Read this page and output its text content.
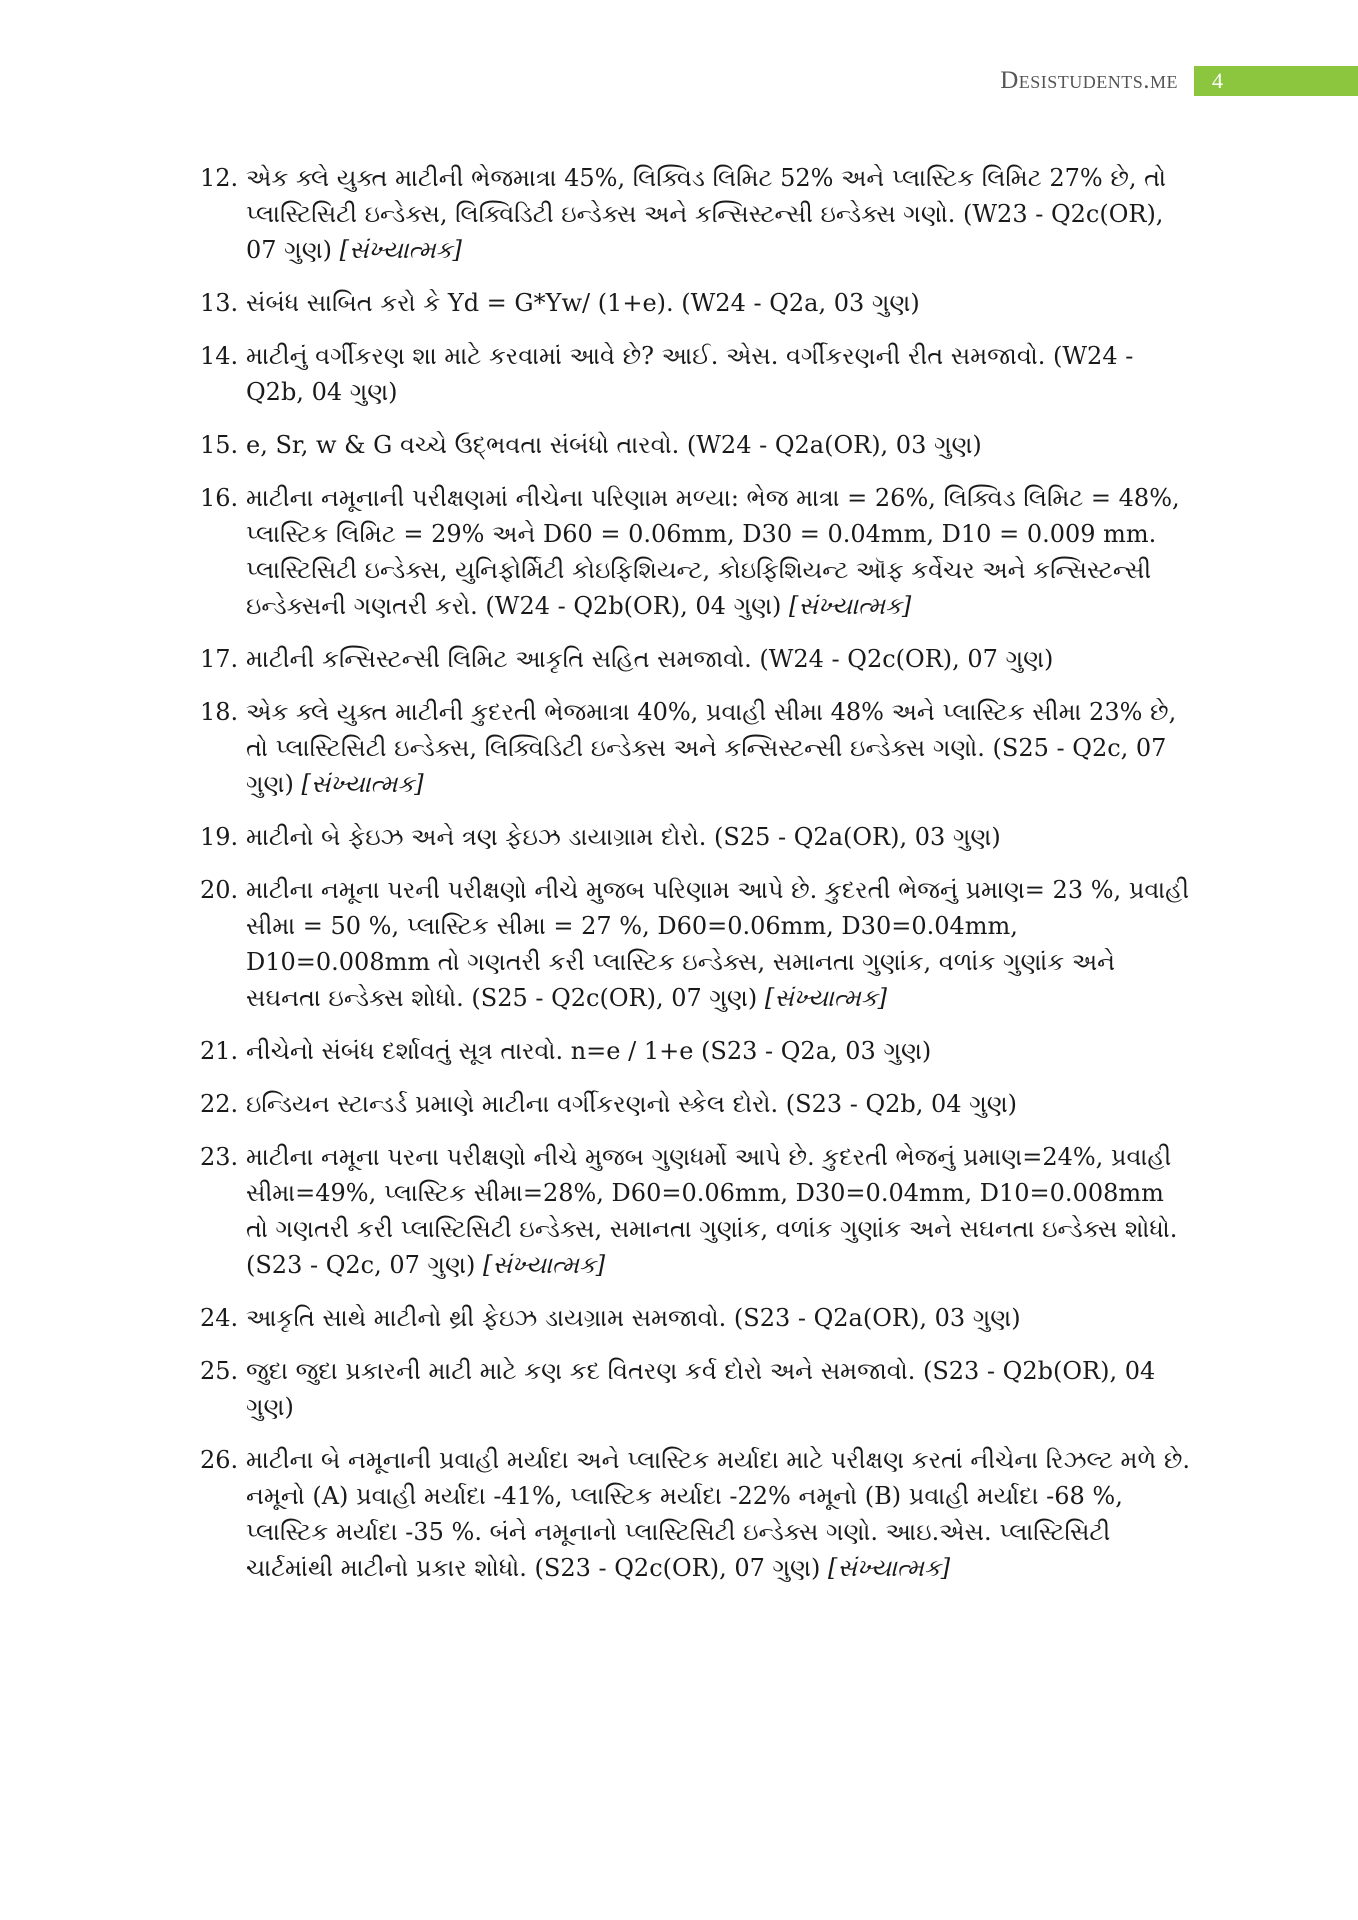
Desistudents.me	4
12. એક ક્લે યુક્ત માટીની ભેજમાત્રા 45%, લિક્વિડ લિમિટ 52% અને પ્લાસ્ટિક લિમિટ 27% છે, તો પ્લાસ્ટિસિટી ઇન્ડેક્સ, લિક્વિડિટી ઇન્ડેક્સ અને કન્સિસ્ટન્સી ઇન્ડેક્સ ગણો. (W23 - Q2c(OR), 07 ગુણ) [સંખ્યાત્મક]
13. સંબંધ સાબિત કરો કે Yd = G*Yw/ (1+e). (W24 - Q2a, 03 ગુણ)
14. માટીનું વર્ગીકરણ શા માટે કરવામાં આવે છે? આઈ. એસ. વર્ગીકરણની રીત સમજાવો. (W24 - Q2b, 04 ગુણ)
15. e, Sr, w & G વચ્ચે ઉદ્ભવતા સંબંધો તારવો. (W24 - Q2a(OR), 03 ગુણ)
16. માટીના નમૂનાની પરીક્ષણમાં નીચેના પરિણામ મળ્યા: ભેજ માત્રા = 26%, લિક્વિડ લિમિટ = 48%, પ્લાસ્ટિક લિમિટ = 29% અને D60 = 0.06mm, D30 = 0.04mm, D10 = 0.009 mm. પ્લાસ્ટિસિટી ઇન્ડેક્સ, યુનિફોર્મિટી કોઇફિશિયન્ટ, કોઇફિશિયન્ટ ઑફ કર્વેચર અને કન્સિસ્ટન્સી ઇન્ડેક્સની ગણતરી કરો. (W24 - Q2b(OR), 04 ગુણ) [સંખ્યાત્મક]
17. માટીની કન્સિસ્ટન્સી લિમિટ આકૃતિ સહિત સમજાવો. (W24 - Q2c(OR), 07 ગુણ)
18. એક ક્લે યુક્ત માટીની કુદરતી ભેજમાત્રા 40%, પ્રવાહી સીમા 48% અને પ્લાસ્ટિક સીમા 23% છે, તો પ્લાસ્ટિસિટી ઇન્ડેક્સ, લિક્વિડિટી ઇન્ડેક્સ અને કન્સિસ્ટન્સી ઇન્ડેક્સ ગણો. (S25 - Q2c, 07 ગુણ) [સંખ્યાત્મક]
19. માટીનો બે ફેઇઝ અને ત્રણ ફેઇઝ ડાયાગ્રામ દોરો. (S25 - Q2a(OR), 03 ગુણ)
20. માટીના નમૂના પરની પરીક્ષણો નીચે મુજબ પરિણામ આપે છે. કુદરતી ભેજનું પ્રમાણ= 23 %, પ્રવાહી સીમા = 50 %, પ્લાસ્ટિક સીમા = 27 %, D60=0.06mm, D30=0.04mm, D10=0.008mm તો ગણતરી કરી પ્લાસ્ટિક ઇન્ડેક્સ, સમાનતા ગુણાંક, વળાંક ગુણાંક અને સઘનતા ઇન્ડેક્સ શોધો. (S25 - Q2c(OR), 07 ગુણ) [સંખ્યાત્મક]
21. નીચેનો સંબંધ દર્શાવતું સૂત્ર તારવો. n=e / 1+e (S23 - Q2a, 03 ગુણ)
22. ઇન્ડિયન સ્ટાન્ડર્ડ પ્રમાણે માટીના વર્ગીકરણનો સ્કેલ દોરો. (S23 - Q2b, 04 ગુણ)
23. માટીના નમૂના પરના પરીક્ષણો નીચે મુજબ ગુણધર્મો આપે છે. કુદરતી ભેજનું પ્રમાણ=24%, પ્રવાહી સીમા=49%, પ્લાસ્ટિક સીમા=28%, D60=0.06mm, D30=0.04mm, D10=0.008mm તો ગણતરી કરી પ્લાસ્ટિસિટી ઇન્ડેક્સ, સમાનતા ગુણાંક, વળાંક ગુણાંક અને સઘનતા ઇન્ડેક્સ શોધો. (S23 - Q2c, 07 ગુણ) [સંખ્યાત્મક]
24. આકૃતિ સાથે માટીનો થ્રી ફેઇઝ ડાયગ્રામ સમજાવો. (S23 - Q2a(OR), 03 ગુણ)
25. જુદા જુદા પ્રકારની માટી માટે કણ કદ વિતરણ કર્વ દોરો અને સમજાવો. (S23 - Q2b(OR), 04 ગુણ)
26. માટીના બે નમૂનાની પ્રવાહી મર્યાદા અને પ્લાસ્ટિક મર્યાદા માટે પરીક્ષણ કરતાં નીચેના રિઝલ્ટ મળે છે. નમૂનો (A) પ્રવાહી મર્યાદા -41%, પ્લાસ્ટિક મર્યાદા -22% નમૂનો (B) પ્રવાહી મર્યાદા -68 %, પ્લાસ્ટિક મર્યાદા -35 %. બંને નમૂનાનો પ્લાસ્ટિસિટી ઇન્ડેક્સ ગણો. આઇ.એસ. પ્લાસ્ટિસિટી ચાર્ટમાંથી માટીનો પ્રકાર શોધો. (S23 - Q2c(OR), 07 ગુણ) [સંખ્યાત્મક]
